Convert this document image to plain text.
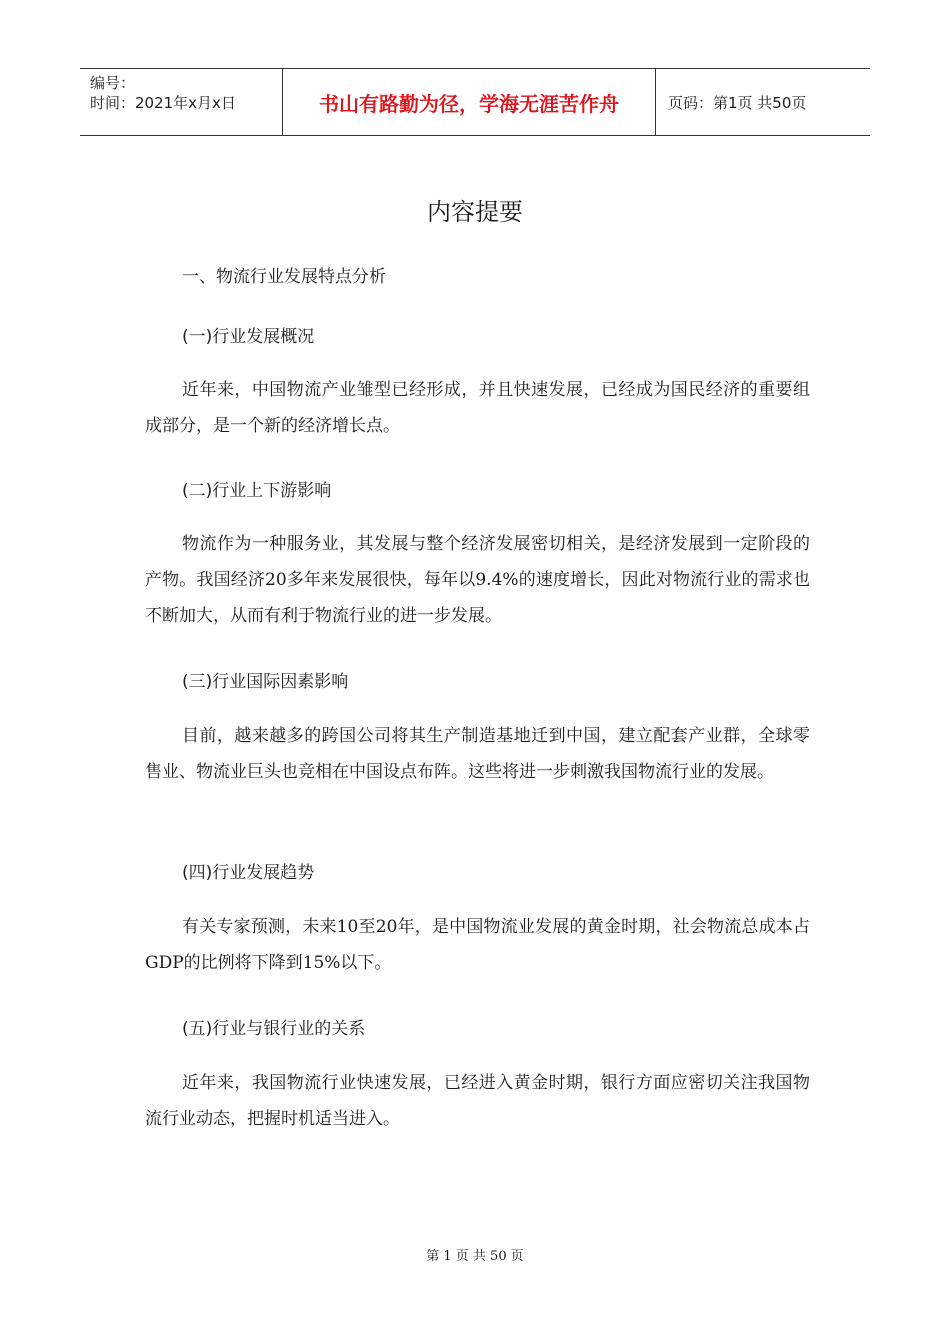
编号：
时间：2021年x月x日	书山有路勤为径，学海无涯苦作舟	页码：第1页 共50页
内容提要
一、物流行业发展特点分析
(一)行业发展概况

近年来，中国物流产业雏型已经形成，并且快速发展，已经成为国民经济的重要组成部分，是一个新的经济增长点。

(二)行业上下游影响

物流作为一种服务业，其发展与整个经济发展密切相关，是经济发展到一定阶段的产物。我国经济20多年来发展很快，每年以9.4%的速度增长，因此对物流行业的需求也不断加大，从而有利于物流行业的进一步发展。

(三)行业国际因素影响

目前，越来越多的跨国公司将其生产制造基地迁到中国，建立配套产业群，全球零售业、物流业巨头也竞相在中国设点布阵。这些将进一步刺激我国物流行业的发展。

(四)行业发展趋势

有关专家预测，未来10至20年，是中国物流业发展的黄金时期，社会物流总成本占GDP的比例将下降到15%以下。

(五)行业与银行业的关系

近年来，我国物流行业快速发展，已经进入黄金时期，银行方面应密切关注我国物流行业动态，把握时机适当进入。

第 1 页 共 50 页
